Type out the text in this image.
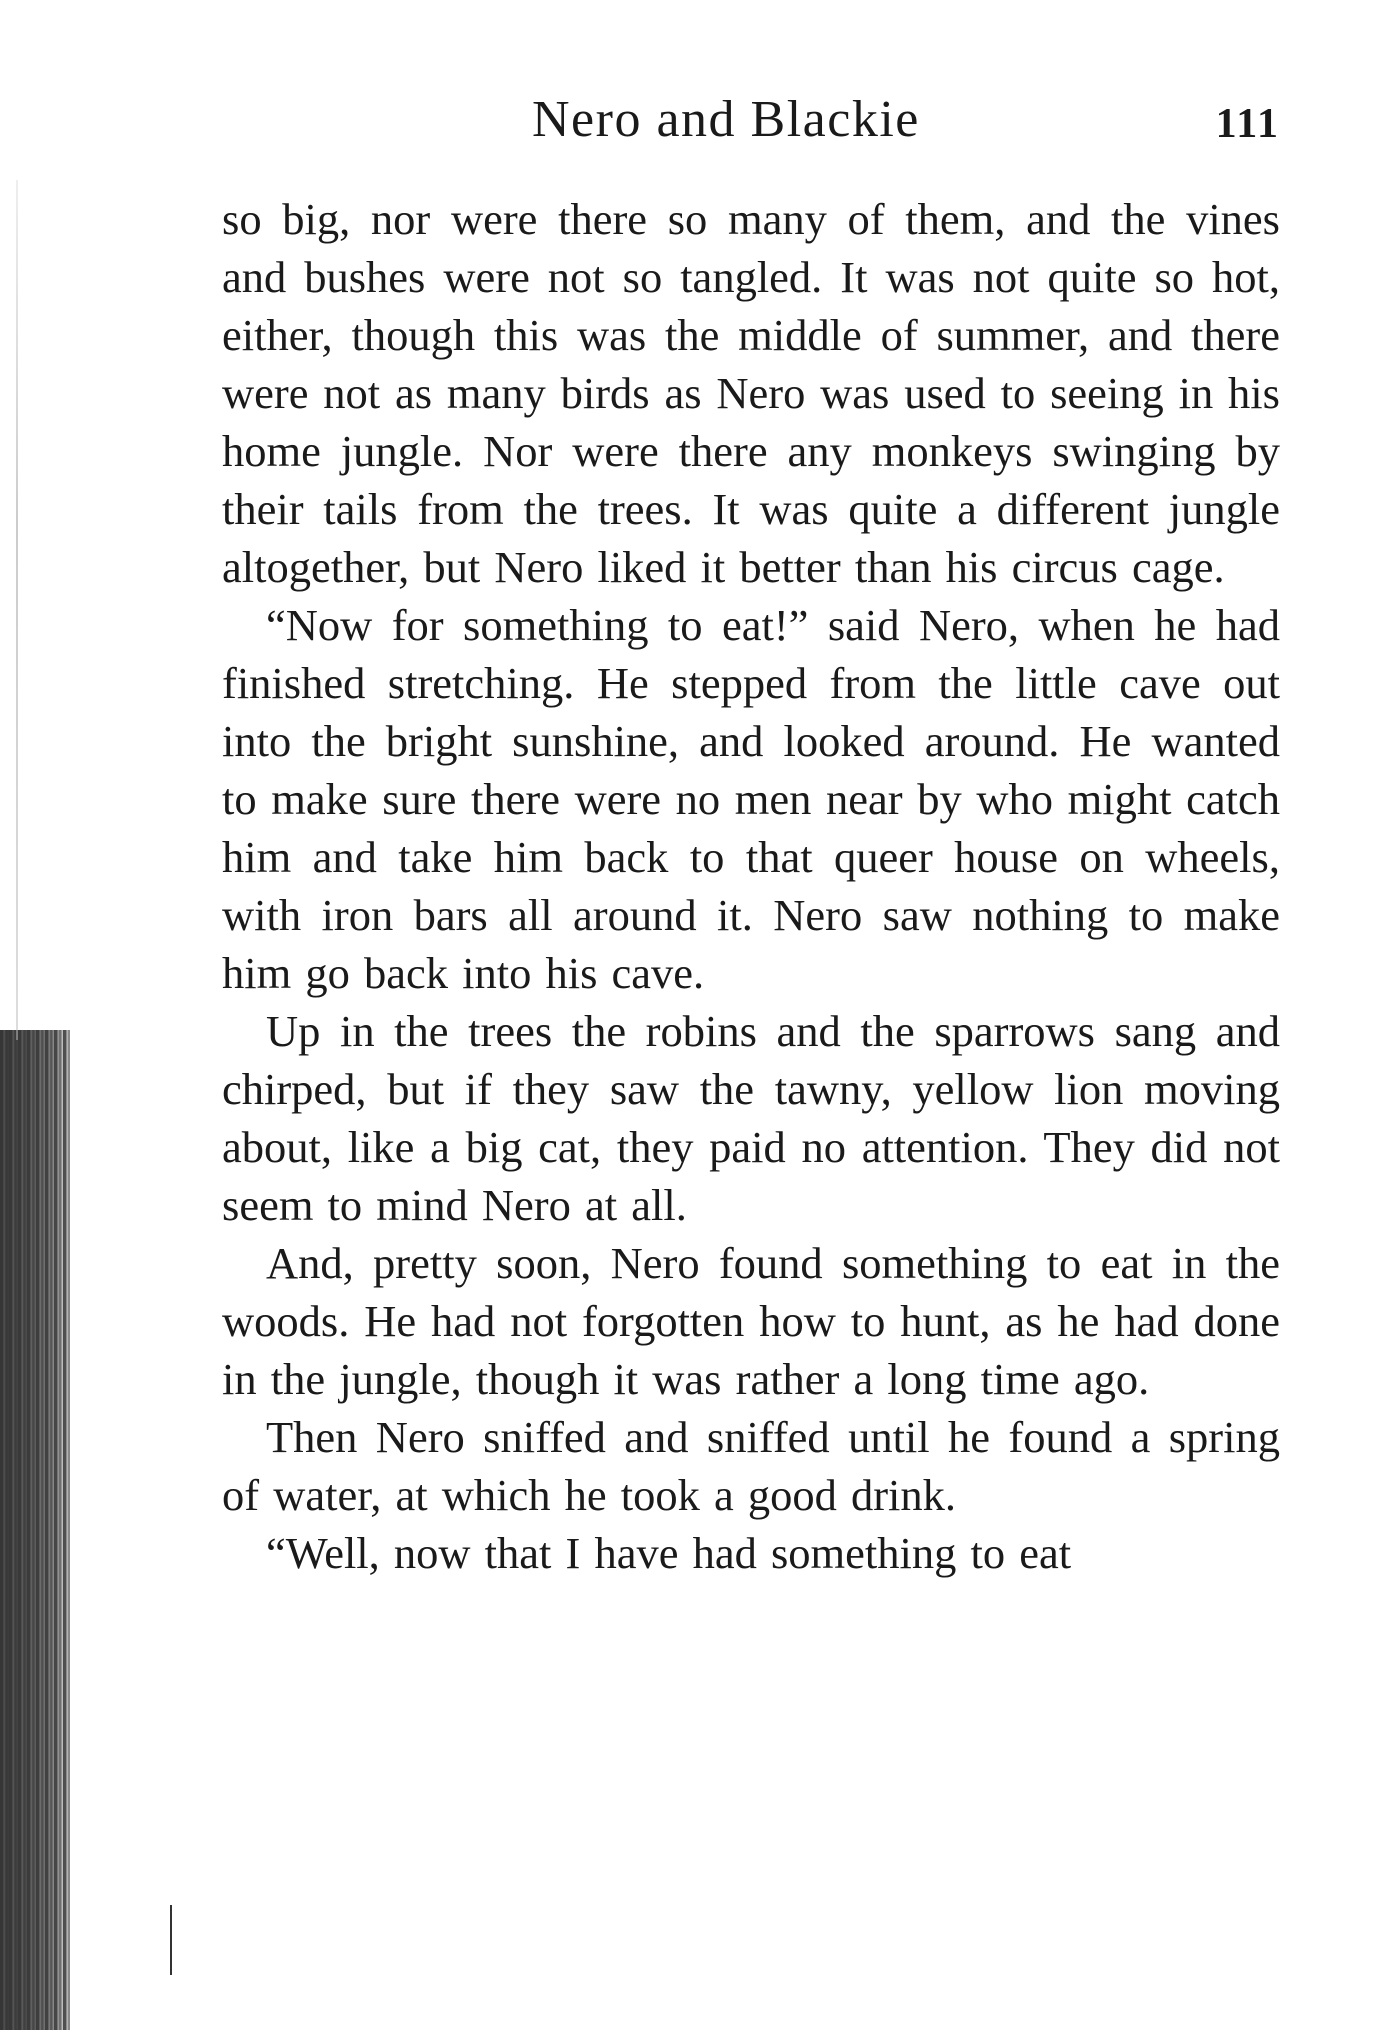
Nero and Blackie	111

so big, nor were there so many of them, and the vines and bushes were not so tangled. It was not quite so hot, either, though this was the middle of summer, and there were not as many birds as Nero was used to seeing in his home jungle. Nor were there any monkeys swinging by their tails from the trees. It was quite a different jungle altogether, but Nero liked it better than his circus cage.

“Now for something to eat!” said Nero, when he had finished stretching. He stepped from the little cave out into the bright sunshine, and looked around. He wanted to make sure there were no men near by who might catch him and take him back to that queer house on wheels, with iron bars all around it. Nero saw nothing to make him go back into his cave.

Up in the trees the robins and the sparrows sang and chirped, but if they saw the tawny, yellow lion moving about, like a big cat, they paid no attention. They did not seem to mind Nero at all.

And, pretty soon, Nero found something to eat in the woods. He had not forgotten how to hunt, as he had done in the jungle, though it was rather a long time ago.

Then Nero sniffed and sniffed until he found a spring of water, at which he took a good drink.

“Well, now that I have had something to eat
